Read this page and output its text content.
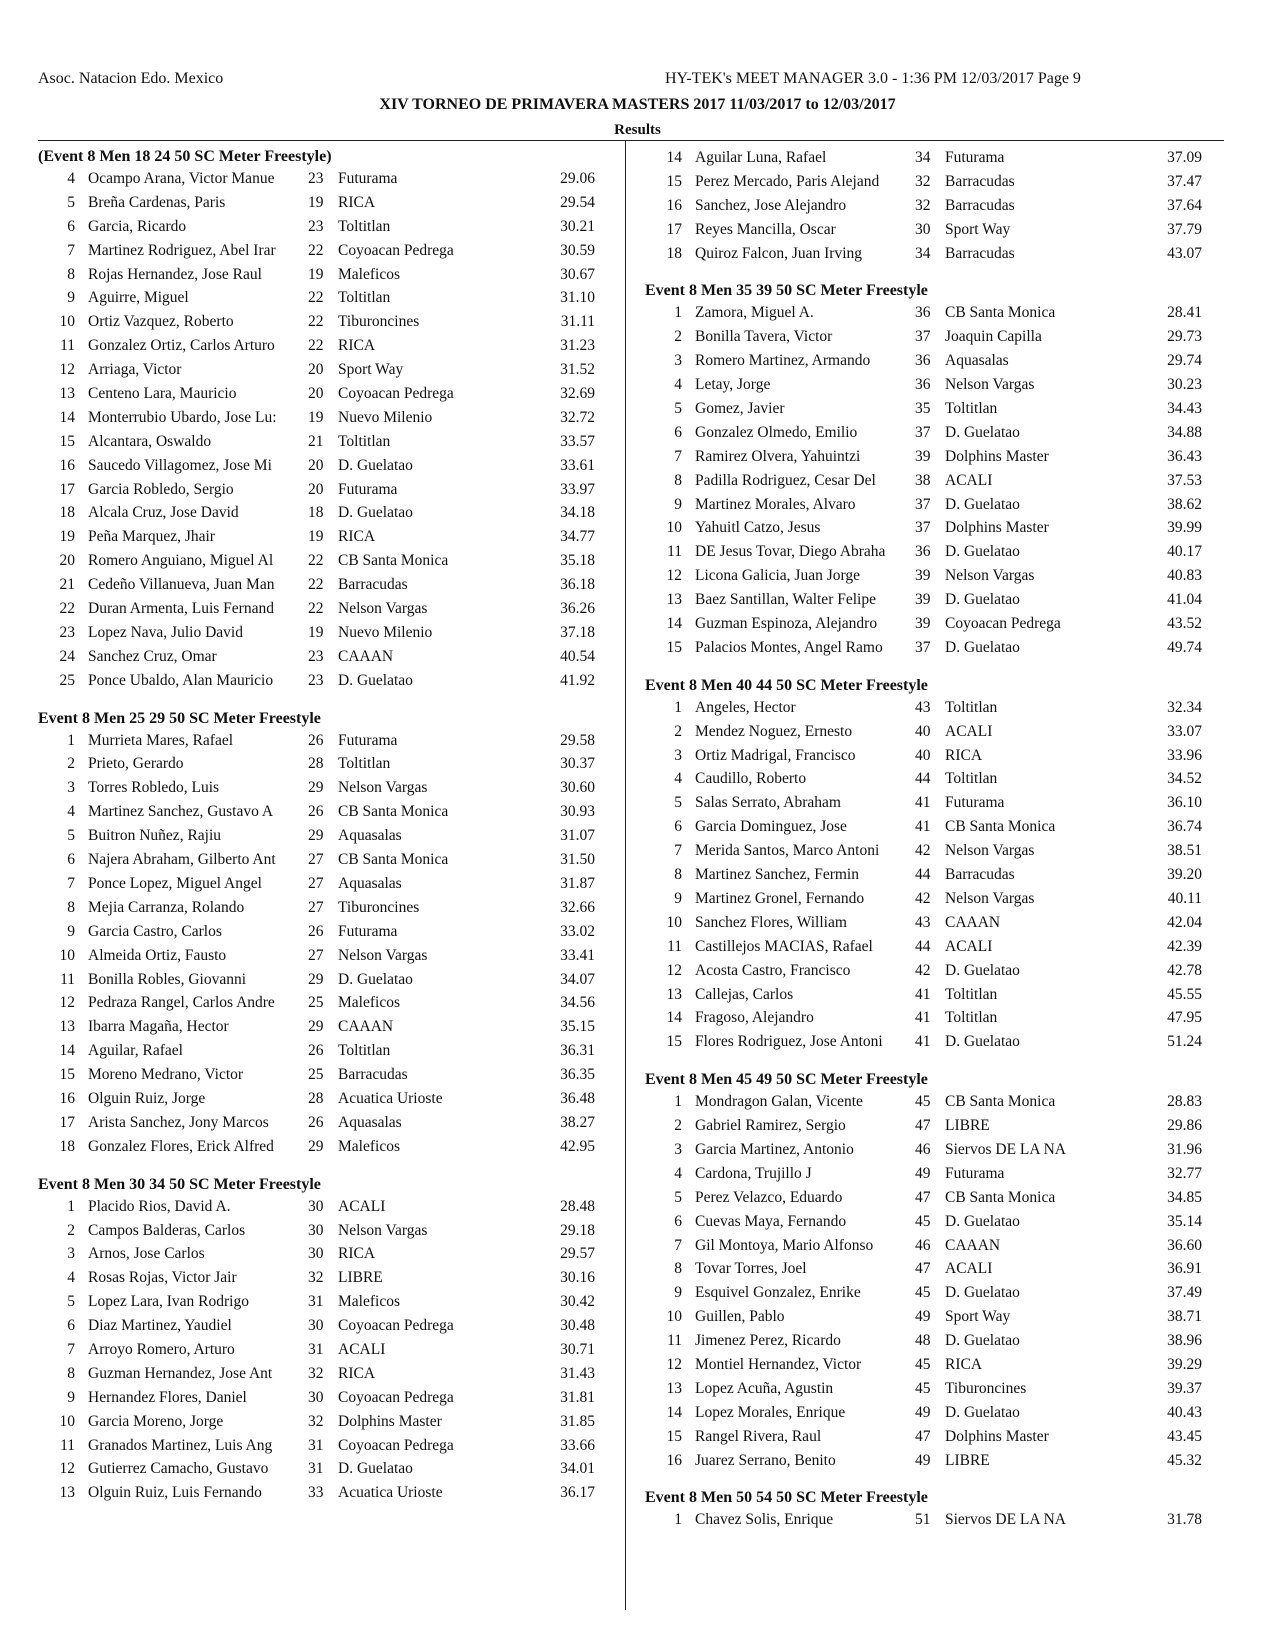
Asoc. Natacion Edo. Mexico	HY-TEK's MEET MANAGER 3.0 - 1:36 PM 12/03/2017 Page 9
XIV TORNEO DE PRIMAVERA MASTERS 2017 11/03/2017 to 12/03/2017
Results
(Event 8 Men 18 24 50 SC Meter Freestyle)
4 Ocampo Arana, Victor Manue	23 Futurama	29.06
5 Breña Cardenas, Paris	19 RICA	29.54
6 Garcia, Ricardo	23 Toltitlan	30.21
7 Martinez Rodriguez, Abel Irar	22 Coyoacan Pedrega	30.59
8 Rojas Hernandez, Jose Raul	19 Maleficos	30.67
9 Aguirre, Miguel	22 Toltitlan	31.10
10 Ortiz Vazquez, Roberto	22 Tiburoncines	31.11
11 Gonzalez Ortiz, Carlos Arturo	22 RICA	31.23
12 Arriaga, Victor	20 Sport Way	31.52
13 Centeno Lara, Mauricio	20 Coyoacan Pedrega	32.69
14 Monterrubio Ubardo, Jose Lu:	19 Nuevo Milenio	32.72
15 Alcantara, Oswaldo	21 Toltitlan	33.57
16 Saucedo Villagomez, Jose Mi	20 D. Guelatao	33.61
17 Garcia Robledo, Sergio	20 Futurama	33.97
18 Alcala Cruz, Jose David	18 D. Guelatao	34.18
19 Peña Marquez, Jhair	19 RICA	34.77
20 Romero Anguiano, Miguel Al	22 CB Santa Monica	35.18
21 Cedeño Villanueva, Juan Man	22 Barracudas	36.18
22 Duran Armenta, Luis Fernand	22 Nelson Vargas	36.26
23 Lopez Nava, Julio David	19 Nuevo Milenio	37.18
24 Sanchez Cruz, Omar	23 CAAAN	40.54
25 Ponce Ubaldo, Alan Mauricio	23 D. Guelatao	41.92
Event 8 Men 25 29 50 SC Meter Freestyle
1 Murrieta Mares, Rafael	26 Futurama	29.58
2 Prieto, Gerardo	28 Toltitlan	30.37
3 Torres Robledo, Luis	29 Nelson Vargas	30.60
4 Martinez Sanchez, Gustavo A	26 CB Santa Monica	30.93
5 Buitron Nuñez, Rajiu	29 Aquasalas	31.07
6 Najera Abraham, Gilberto Ant	27 CB Santa Monica	31.50
7 Ponce Lopez, Miguel Angel	27 Aquasalas	31.87
8 Mejia Carranza, Rolando	27 Tiburoncines	32.66
9 Garcia Castro, Carlos	26 Futurama	33.02
10 Almeida Ortiz, Fausto	27 Nelson Vargas	33.41
11 Bonilla Robles, Giovanni	29 D. Guelatao	34.07
12 Pedraza Rangel, Carlos Andre	25 Maleficos	34.56
13 Ibarra Magaña, Hector	29 CAAAN	35.15
14 Aguilar, Rafael	26 Toltitlan	36.31
15 Moreno Medrano, Victor	25 Barracudas	36.35
16 Olguin Ruiz, Jorge	28 Acuatica Urioste	36.48
17 Arista Sanchez, Jony Marcos	26 Aquasalas	38.27
18 Gonzalez Flores, Erick Alfred	29 Maleficos	42.95
Event 8 Men 30 34 50 SC Meter Freestyle
1 Placido Rios, David A.	30 ACALI	28.48
2 Campos Balderas, Carlos	30 Nelson Vargas	29.18
3 Arnos, Jose Carlos	30 RICA	29.57
4 Rosas Rojas, Victor Jair	32 LIBRE	30.16
5 Lopez Lara, Ivan Rodrigo	31 Maleficos	30.42
6 Diaz Martinez, Yaudiel	30 Coyoacan Pedrega	30.48
7 Arroyo Romero, Arturo	31 ACALI	30.71
8 Guzman Hernandez, Jose Ant	32 RICA	31.43
9 Hernandez Flores, Daniel	30 Coyoacan Pedrega	31.81
10 Garcia Moreno, Jorge	32 Dolphins Master	31.85
11 Granados Martinez, Luis Ang	31 Coyoacan Pedrega	33.66
12 Gutierrez Camacho, Gustavo	31 D. Guelatao	34.01
13 Olguin Ruiz, Luis Fernando	33 Acuatica Urioste	36.17
14 Aguilar Luna, Rafael	34 Futurama	37.09
15 Perez Mercado, Paris Alejand	32 Barracudas	37.47
16 Sanchez, Jose Alejandro	32 Barracudas	37.64
17 Reyes Mancilla, Oscar	30 Sport Way	37.79
18 Quiroz Falcon, Juan Irving	34 Barracudas	43.07
Event 8 Men 35 39 50 SC Meter Freestyle
1 Zamora, Miguel A.	36 CB Santa Monica	28.41
2 Bonilla Tavera, Victor	37 Joaquin Capilla	29.73
3 Romero Martinez, Armando	36 Aquasalas	29.74
4 Letay, Jorge	36 Nelson Vargas	30.23
5 Gomez, Javier	35 Toltitlan	34.43
6 Gonzalez Olmedo, Emilio	37 D. Guelatao	34.88
7 Ramirez Olvera, Yahuintzi	39 Dolphins Master	36.43
8 Padilla Rodriguez, Cesar Del	38 ACALI	37.53
9 Martinez Morales, Alvaro	37 D. Guelatao	38.62
10 Yahuitl Catzo, Jesus	37 Dolphins Master	39.99
11 DE Jesus Tovar, Diego Abraha	36 D. Guelatao	40.17
12 Licona Galicia, Juan Jorge	39 Nelson Vargas	40.83
13 Baez Santillan, Walter Felipe	39 D. Guelatao	41.04
14 Guzman Espinoza, Alejandro	39 Coyoacan Pedrega	43.52
15 Palacios Montes, Angel Ramo	37 D. Guelatao	49.74
Event 8 Men 40 44 50 SC Meter Freestyle
1 Angeles, Hector	43 Toltitlan	32.34
2 Mendez Noguez, Ernesto	40 ACALI	33.07
3 Ortiz Madrigal, Francisco	40 RICA	33.96
4 Caudillo, Roberto	44 Toltitlan	34.52
5 Salas Serrato, Abraham	41 Futurama	36.10
6 Garcia Dominguez, Jose	41 CB Santa Monica	36.74
7 Merida Santos, Marco Antoni	42 Nelson Vargas	38.51
8 Martinez Sanchez, Fermin	44 Barracudas	39.20
9 Martinez Gronel, Fernando	42 Nelson Vargas	40.11
10 Sanchez Flores, William	43 CAAAN	42.04
11 Castillejos MACIAS, Rafael	44 ACALI	42.39
12 Acosta Castro, Francisco	42 D. Guelatao	42.78
13 Callejas, Carlos	41 Toltitlan	45.55
14 Fragoso, Alejandro	41 Toltitlan	47.95
15 Flores Rodriguez, Jose Antoni	41 D. Guelatao	51.24
Event 8 Men 45 49 50 SC Meter Freestyle
1 Mondragon Galan, Vicente	45 CB Santa Monica	28.83
2 Gabriel Ramirez, Sergio	47 LIBRE	29.86
3 Garcia Martinez, Antonio	46 Siervos DE LA NA	31.96
4 Cardona, Trujillo J	49 Futurama	32.77
5 Perez Velazco, Eduardo	47 CB Santa Monica	34.85
6 Cuevas Maya, Fernando	45 D. Guelatao	35.14
7 Gil Montoya, Mario Alfonso	46 CAAAN	36.60
8 Tovar Torres, Joel	47 ACALI	36.91
9 Esquivel Gonzalez, Enrike	45 D. Guelatao	37.49
10 Guillen, Pablo	49 Sport Way	38.71
11 Jimenez Perez, Ricardo	48 D. Guelatao	38.96
12 Montiel Hernandez, Victor	45 RICA	39.29
13 Lopez Acuña, Agustin	45 Tiburoncines	39.37
14 Lopez Morales, Enrique	49 D. Guelatao	40.43
15 Rangel Rivera, Raul	47 Dolphins Master	43.45
16 Juarez Serrano, Benito	49 LIBRE	45.32
Event 8 Men 50 54 50 SC Meter Freestyle
1 Chavez Solis, Enrique	51 Siervos DE LA NA	31.78
